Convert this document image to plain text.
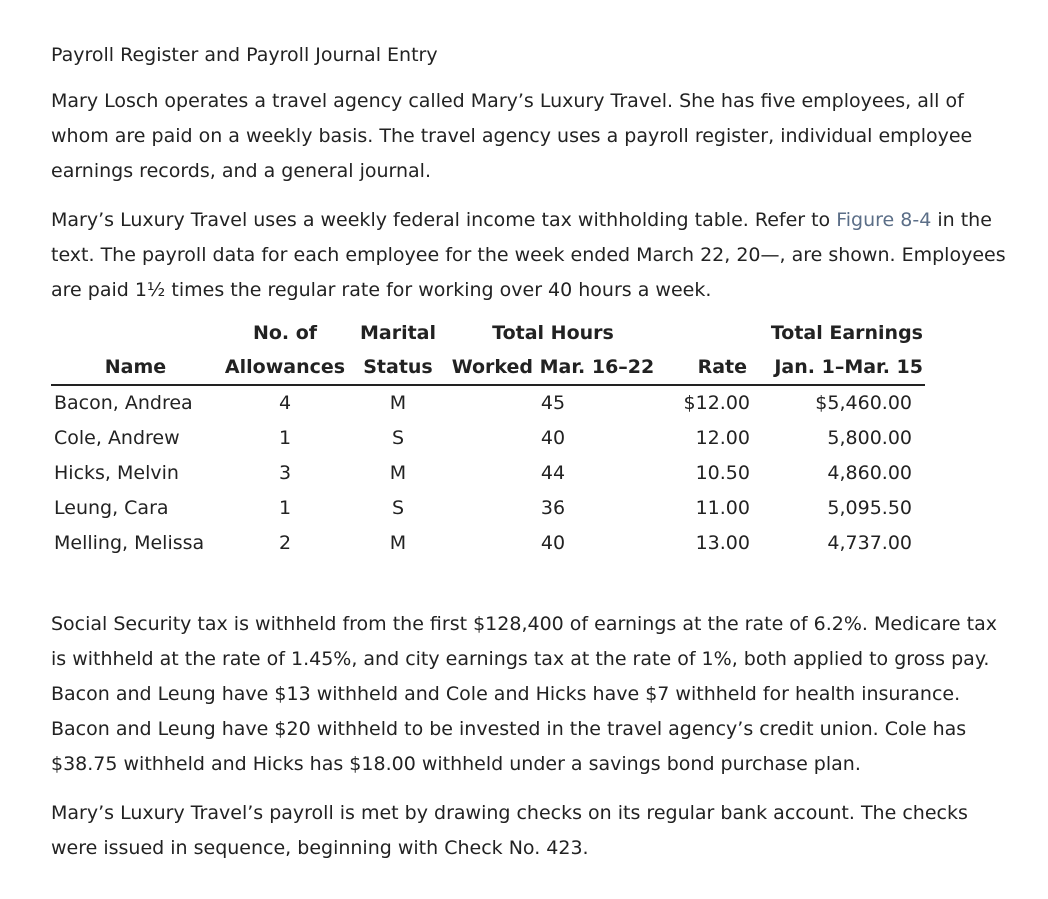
Payroll Register and Payroll Journal Entry

Mary Losch operates a travel agency called Mary’s Luxury Travel. She has five employees, all of
whom are paid on a weekly basis. The travel agency uses a payroll register, individual employee
earnings records, and a general journal.

Mary’s Luxury Travel uses a weekly federal income tax withholding table. Refer to Figure 8-4 in the
text. The payroll data for each employee for the week ended March 22, 20—, are shown. Employees
are paid 1½ times the regular rate for working over 40 hours a week.

	No. of	Marital	Total Hours		Total Earnings
Name	Allowances	Status	Worked Mar. 16–22	Rate	Jan. 1–Mar. 15
Bacon, Andrea	4	M	45	$12.00	$5,460.00
Cole, Andrew	1	S	40	12.00	5,800.00
Hicks, Melvin	3	M	44	10.50	4,860.00
Leung, Cara	1	S	36	11.00	5,095.50
Melling, Melissa	2	M	40	13.00	4,737.00

Social Security tax is withheld from the first $128,400 of earnings at the rate of 6.2%. Medicare tax
is withheld at the rate of 1.45%, and city earnings tax at the rate of 1%, both applied to gross pay.
Bacon and Leung have $13 withheld and Cole and Hicks have $7 withheld for health insurance.
Bacon and Leung have $20 withheld to be invested in the travel agency’s credit union. Cole has
$38.75 withheld and Hicks has $18.00 withheld under a savings bond purchase plan.

Mary’s Luxury Travel’s payroll is met by drawing checks on its regular bank account. The checks
were issued in sequence, beginning with Check No. 423.
